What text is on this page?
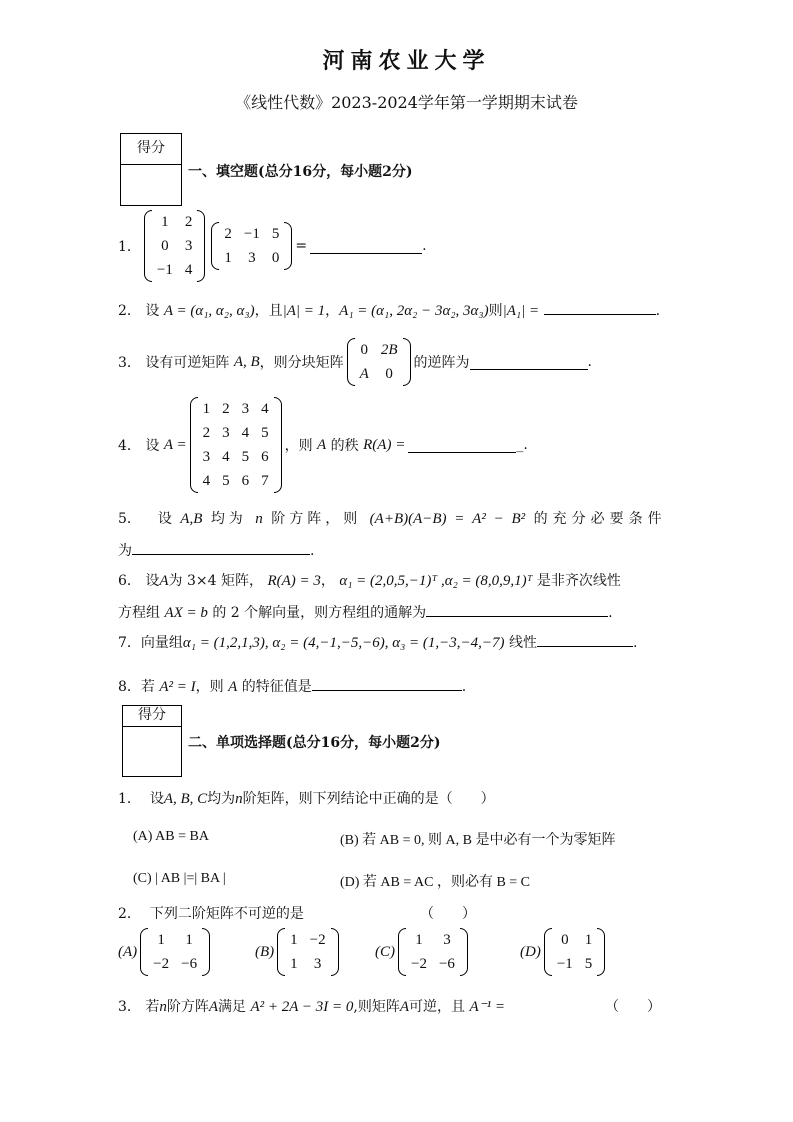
河南农业大学
《线性代数》2023-2024学年第一学期期末试卷
得分
一、填空题(总分16分，每小题2分)
1．
1	2
0	3
−1	4
2	−1	5
1	3	0
=	.
2． 设 A = (α₁, α₂, α₃)，且|A| = 1，A₁ = (α₁, 2α₂ − 3α₂, 3α₃)则|A₁| =	.
3．
设有可逆矩阵
A, B ，则分块矩阵
0	2B
A	0
的逆阵为	.
4．
设
A =
1	2	3	4
2	3	4	5
3	4	5	6
4	5	6	7
，则
A
的秩
R(A) =	_.
5． 设 A,B 均为 n 阶方阵，则 (A+B)(A−B) = A² − B² 的充分必要条件
为	.
6． 设A为 3×4 矩阵， R(A) = 3， α₁ = (2,0,5,−1)ᵀ ,α₂ = (8,0,9,1)ᵀ 是非齐次线性
方程组 AX = b 的 2 个解向量，则方程组的通解为	.
7．向量组α₁ = (1,2,1,3), α₂ = (4,−1,−5,−6), α₃ = (1,−3,−4,−7) 线性	.
8．若 A² = I，则 A 的特征值是	.
得分
二、单项选择题(总分16分，每小题2分)
1． 设A, B, C均为n阶矩阵，则下列结论中正确的是（　　）
(A) AB = BA	(B) 若 AB = 0, 则 A, B 是中必有一个为零矩阵
(C) | AB |=| BA |	(D) 若 AB = AC ，则必有 B = C
2． 下列二阶矩阵不可逆的是	（　　）
(A)
1	1
−2	−6
(B)
1	−2
1	3
(C)
1	3
−2	−6
(D)
0	1
−1	5
3． 若n阶方阵A满足 A² + 2A − 3I = 0,则矩阵A可逆，且 A⁻¹ =	（　　）
